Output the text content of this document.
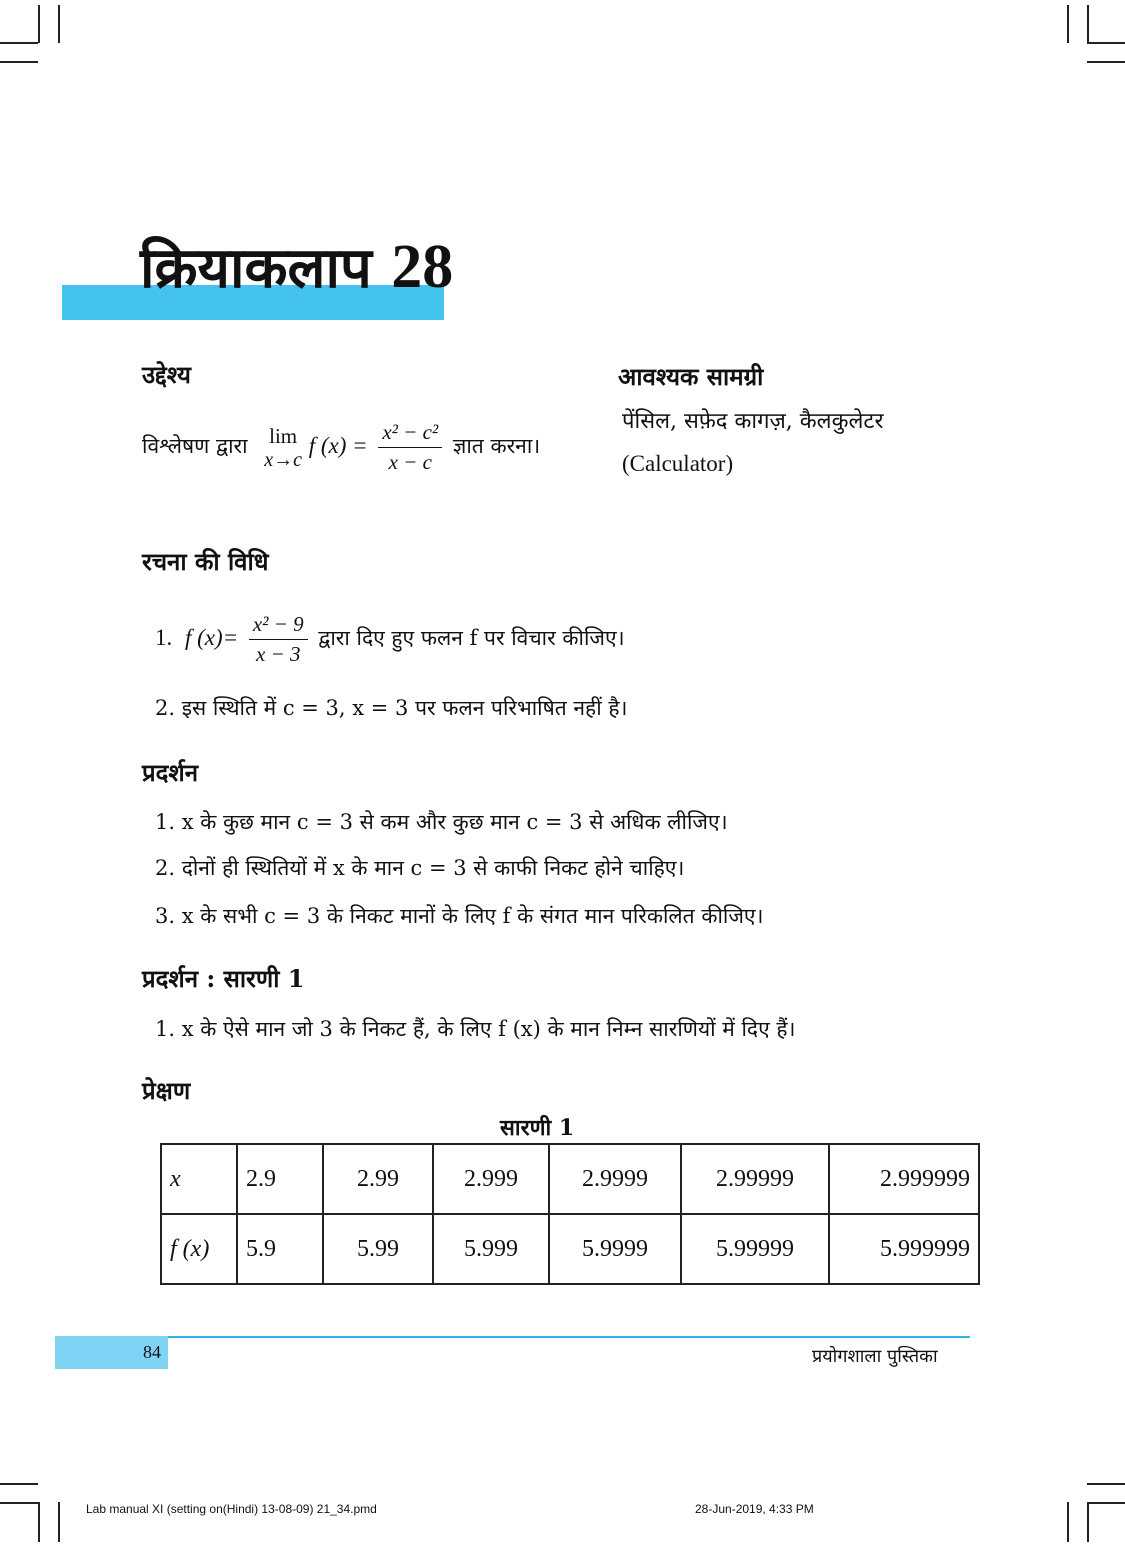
क्रियाकलाप 28
उद्देश्य
विश्लेषण द्वारा lim
x→c
f $(x) = \frac{\text{x² − c²}}{x - c}$ ज्ञात करना।
आवश्यक सामग्री
पेंसिल, सफ़ेद कागज़, कैलकुलेटर
(Calculator)
रचना की विधि
1. f $(x)= \frac{\text{x² − 9}}{x - 3}$ द्वारा दिए हुए फलन f पर विचार कीजिए।
2. इस स्थिति में c = 3, x = 3 पर फलन परिभाषित नहीं है।
प्रदर्शन
1. x के कुछ मान c = 3 से कम और कुछ मान c = 3 से अधिक लीजिए।
2. दोनों ही स्थितियों में x के मान c = 3 से काफी निकट होने चाहिए।
3. x के सभी c = 3 के निकट मानों के लिए f के संगत मान परिकलित कीजिए।
प्रदर्शन : सारणी 1
1. x के ऐसे मान जो 3 के निकट हैं, के लिए f (x) के मान निम्न सारणियों में दिए हैं।
प्रेक्षण
सारणी 1
x	2.9	2.99	2.999	2.9999	2.99999	2.999999
f (x)	5.9	5.99	5.999	5.9999	5.99999	5.999999
84	प्रयोगशाला पुस्तिका
Lab manual XI (setting on(Hindi) 13-08-09) 21_34.pmd	28-Jun-2019, 4:33 PM
